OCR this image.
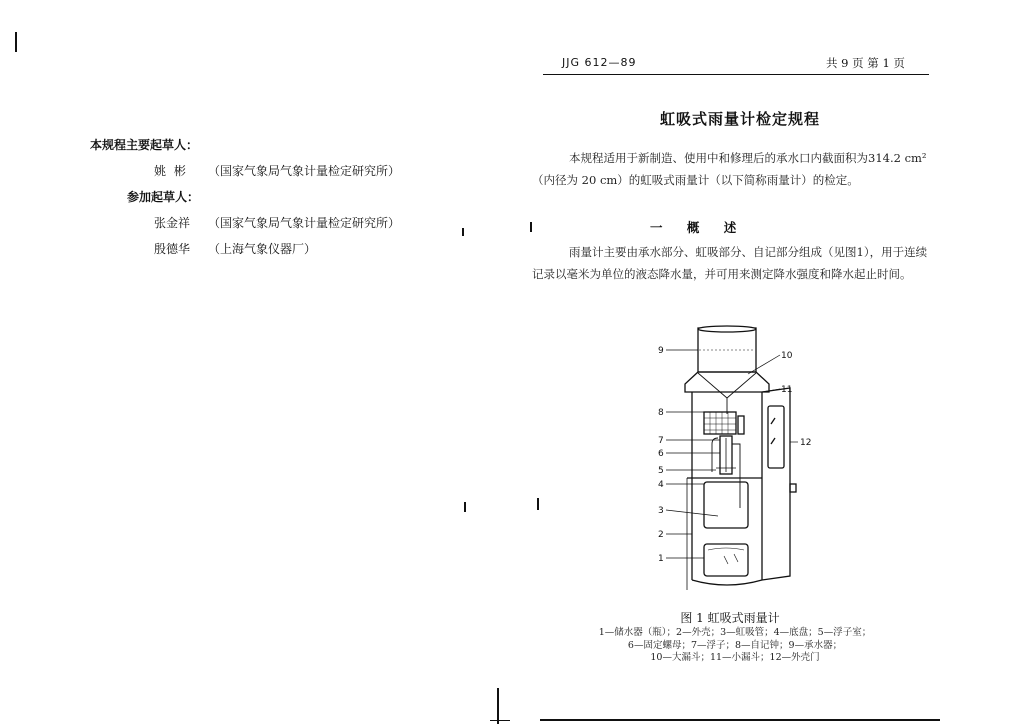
本规程主要起草人：
姚 彬 （国家气象局气象计量检定研究所）
参加起草人：
张金祥 （国家气象局气象计量检定研究所）
殷德华 （上海气象仪器厂）
JJG 612—89	共 9 页 第 1 页
虹吸式雨量计检定规程
本规程适用于新制造、使用中和修理后的承水口内截面积为314.2 cm²（内径为 20 cm）的虹吸式雨量计（以下简称雨量计）的检定。
一 概 述
雨量计主要由承水部分、虹吸部分、自记部分组成（见图1），用于连续记录以毫米为单位的液态降水量，并可用来测定降水强度和降水起止时间。
9	10
11
8
7
6
5
4
3
2
1
12
图 1 虹吸式雨量计
1—储水器（瓶）；2—外壳；3—虹吸管；4—底盘；5—浮子室；
6—固定螺母；7—浮子；8—自记钟；9—承水器；
10—大漏斗；11—小漏斗；12—外壳门
